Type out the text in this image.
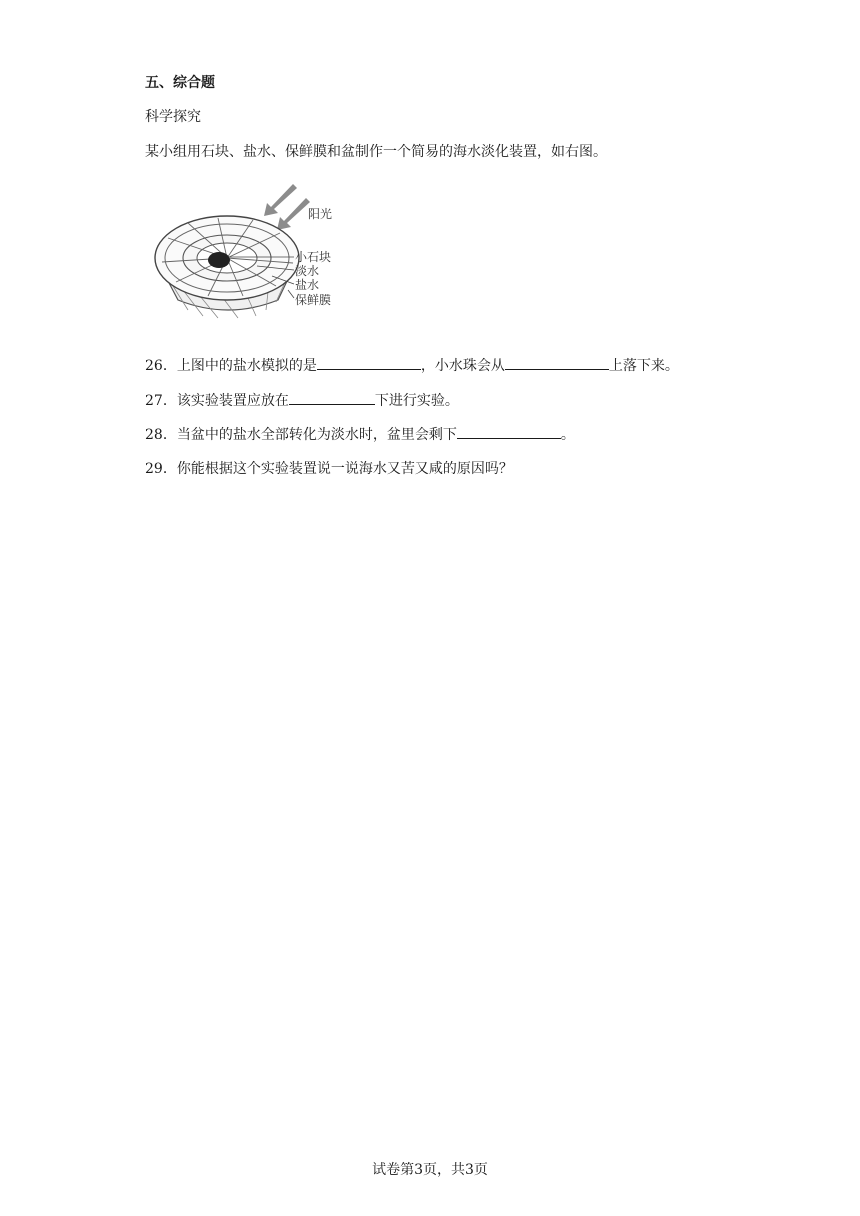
五、综合题
科学探究
某小组用石块、盐水、保鲜膜和盆制作一个简易的海水淡化装置，如右图。
阳光
小石块
淡水
盐水
保鲜膜
26．上图中的盐水模拟的是	，小水珠会从	上落下来。
27．该实验装置应放在	下进行实验。
28．当盆中的盐水全部转化为淡水时，盆里会剩下	。
29．你能根据这个实验装置说一说海水又苦又咸的原因吗？
试卷第3页，共3页
